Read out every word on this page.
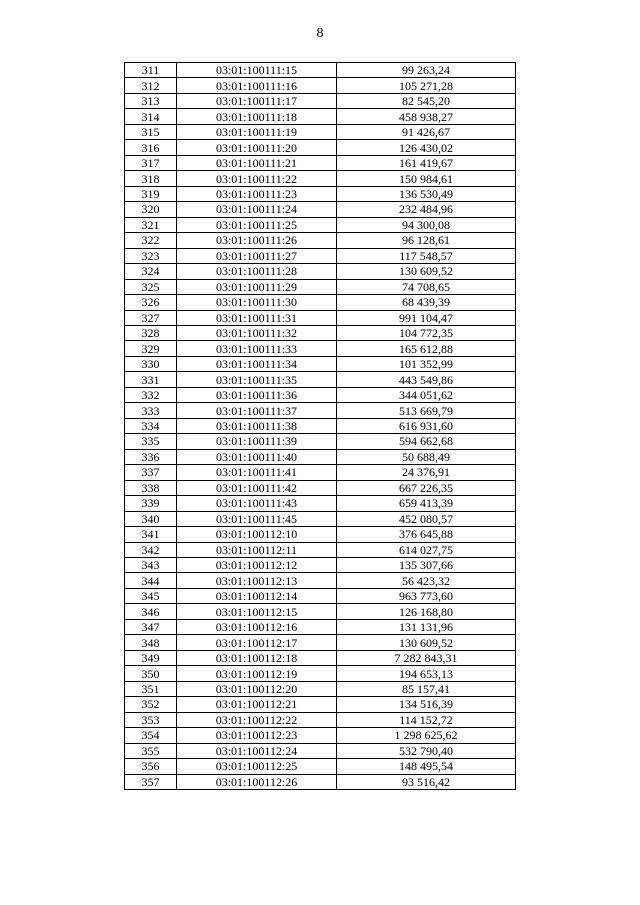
8
311	03:01:100111:15	99 263,24
312	03:01:100111:16	105 271,28
313	03:01:100111:17	82 545,20
314	03:01:100111:18	458 938,27
315	03:01:100111:19	91 426,67
316	03:01:100111:20	126 430,02
317	03:01:100111:21	161 419,67
318	03:01:100111:22	150 984,61
319	03:01:100111:23	136 530,49
320	03:01:100111:24	232 484,96
321	03:01:100111:25	94 300,08
322	03:01:100111:26	96 128,61
323	03:01:100111:27	117 548,57
324	03:01:100111:28	130 609,52
325	03:01:100111:29	74 708,65
326	03:01:100111:30	68 439,39
327	03:01:100111:31	991 104,47
328	03:01:100111:32	104 772,35
329	03:01:100111:33	165 612,88
330	03:01:100111:34	101 352,99
331	03:01:100111:35	443 549,86
332	03:01:100111:36	344 051,62
333	03:01:100111:37	513 669,79
334	03:01:100111:38	616 931,60
335	03:01:100111:39	594 662,68
336	03:01:100111:40	50 688,49
337	03:01:100111:41	24 376,91
338	03:01:100111:42	667 226,35
339	03:01:100111:43	659 413,39
340	03:01:100111:45	452 080,57
341	03:01:100112:10	376 645,88
342	03:01:100112:11	614 027,75
343	03:01:100112:12	135 307,66
344	03:01:100112:13	56 423,32
345	03:01:100112:14	963 773,60
346	03:01:100112:15	126 168,80
347	03:01:100112:16	131 131,96
348	03:01:100112:17	130 609,52
349	03:01:100112:18	7 282 843,31
350	03:01:100112:19	194 653,13
351	03:01:100112:20	85 157,41
352	03:01:100112:21	134 516,39
353	03:01:100112:22	114 152,72
354	03:01:100112:23	1 298 625,62
355	03:01:100112:24	532 790,40
356	03:01:100112:25	148 495,54
357	03:01:100112:26	93 516,42
